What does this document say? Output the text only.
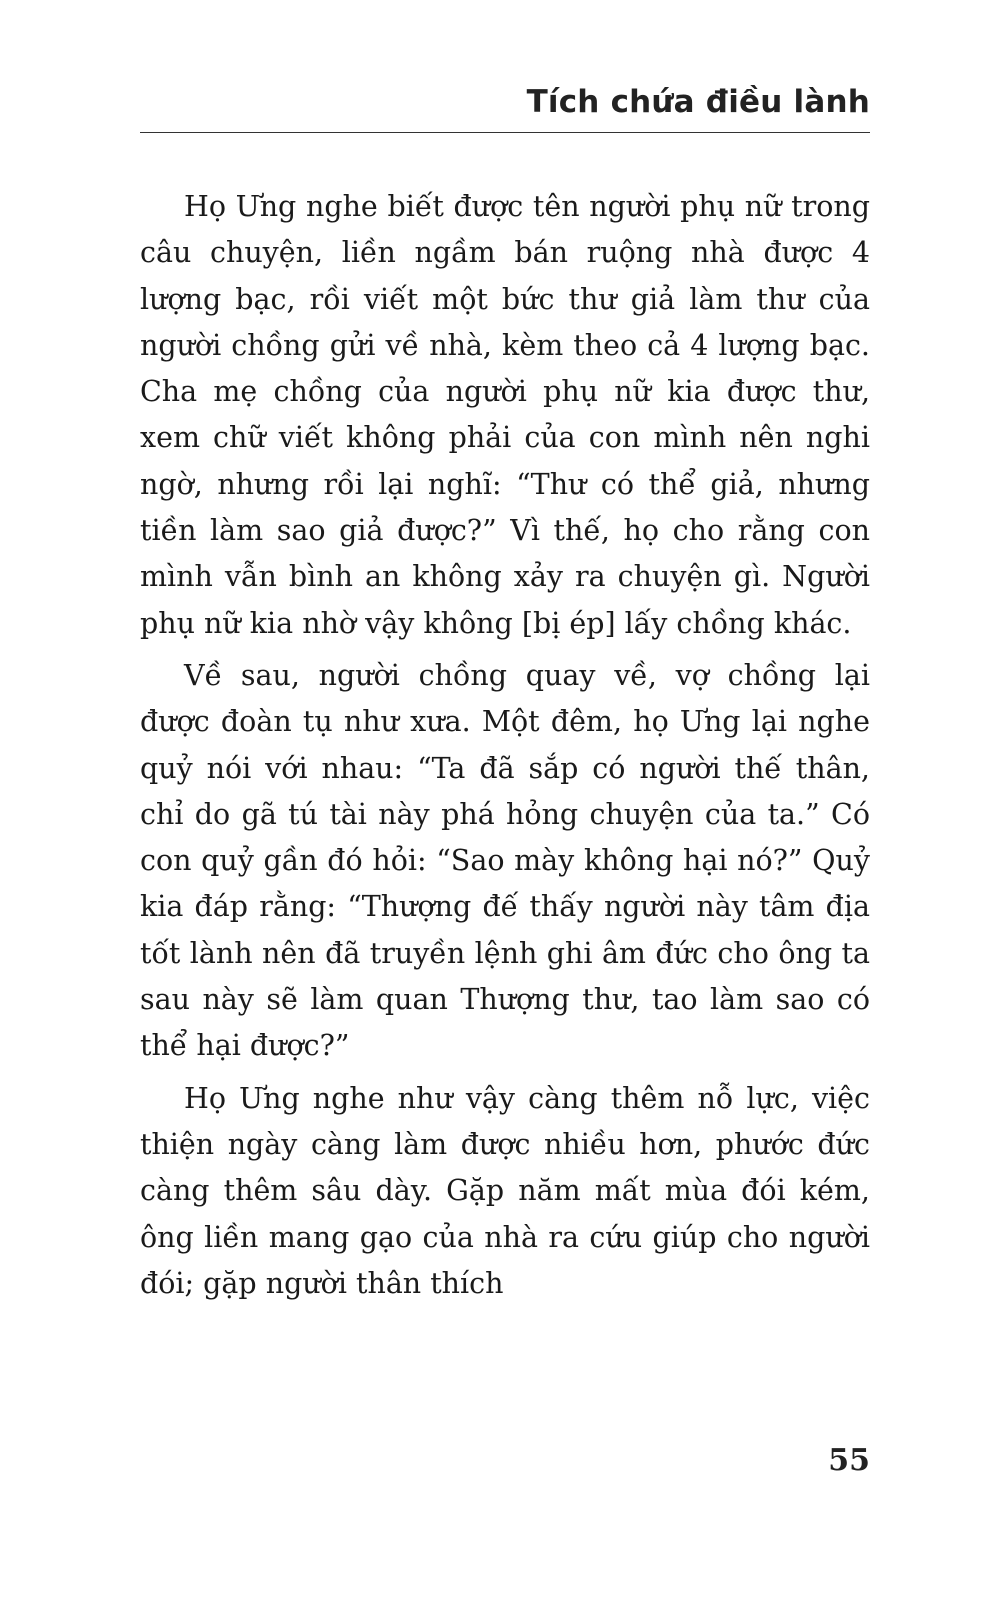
Tích chứa điều lành

Họ Ưng nghe biết được tên người phụ nữ trong câu chuyện, liền ngầm bán ruộng nhà được 4 lượng bạc, rồi viết một bức thư giả làm thư của người chồng gửi về nhà, kèm theo cả 4 lượng bạc. Cha mẹ chồng của người phụ nữ kia được thư, xem chữ viết không phải của con mình nên nghi ngờ, nhưng rồi lại nghĩ: “Thư có thể giả, nhưng tiền làm sao giả được?” Vì thế, họ cho rằng con mình vẫn bình an không xảy ra chuyện gì. Người phụ nữ kia nhờ vậy không [bị ép] lấy chồng khác.

Về sau, người chồng quay về, vợ chồng lại được đoàn tụ như xưa. Một đêm, họ Ưng lại nghe quỷ nói với nhau: “Ta đã sắp có người thế thân, chỉ do gã tú tài này phá hỏng chuyện của ta.” Có con quỷ gần đó hỏi: “Sao mày không hại nó?” Quỷ kia đáp rằng: “Thượng đế thấy người này tâm địa tốt lành nên đã truyền lệnh ghi âm đức cho ông ta sau này sẽ làm quan Thượng thư, tao làm sao có thể hại được?”

Họ Ưng nghe như vậy càng thêm nỗ lực, việc thiện ngày càng làm được nhiều hơn, phước đức càng thêm sâu dày. Gặp năm mất mùa đói kém, ông liền mang gạo của nhà ra cứu giúp cho người đói; gặp người thân thích

55
